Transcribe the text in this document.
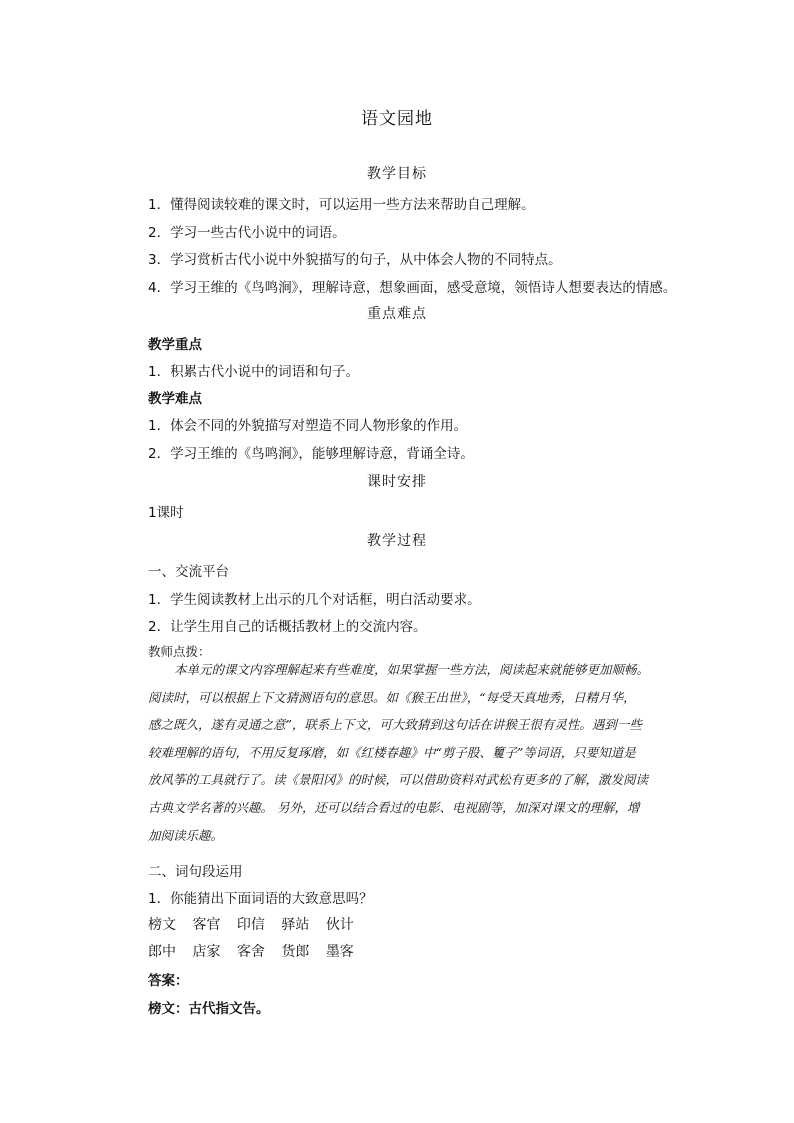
语文园地
教学目标
1．懂得阅读较难的课文时，可以运用一些方法来帮助自己理解。
2．学习一些古代小说中的词语。
3．学习赏析古代小说中外貌描写的句子，从中体会人物的不同特点。
4．学习王维的《鸟鸣涧》，理解诗意，想象画面，感受意境，领悟诗人想要表达的情感。
重点难点
教学重点
1．积累古代小说中的词语和句子。
教学难点
1．体会不同的外貌描写对塑造不同人物形象的作用。
2．学习王维的《鸟鸣涧》，能够理解诗意，背诵全诗。
课时安排
1课时
教学过程
一、交流平台
1．学生阅读教材上出示的几个对话框，明白活动要求。
2．让学生用自己的话概括教材上的交流内容。
教师点拨：
本单元的课文内容理解起来有些难度，如果掌握一些方法，阅读起来就能够更加顺畅。
阅读时，可以根据上下文猜测语句的意思。如《猴王出世》，“每受天真地秀，日精月华，
感之既久，遂有灵通之意”，联系上下文，可大致猜到这句话在讲猴王很有灵性。遇到一些
较难理解的语句，不用反复琢磨，如《红楼春趣》中“剪子股、籰子”等词语，只要知道是
放风筝的工具就行了。读《景阳冈》的时候，可以借助资料对武松有更多的了解，激发阅读
古典文学名著的兴趣。 另外，还可以结合看过的电影、电视剧等，加深对课文的理解，增
加阅读乐趣。
二、词句段运用
1．你能猜出下面词语的大致意思吗？
榜文 客官 印信 驿站 伙计
郎中 店家 客舍 货郎 墨客
答案：
榜文：古代指文告。
